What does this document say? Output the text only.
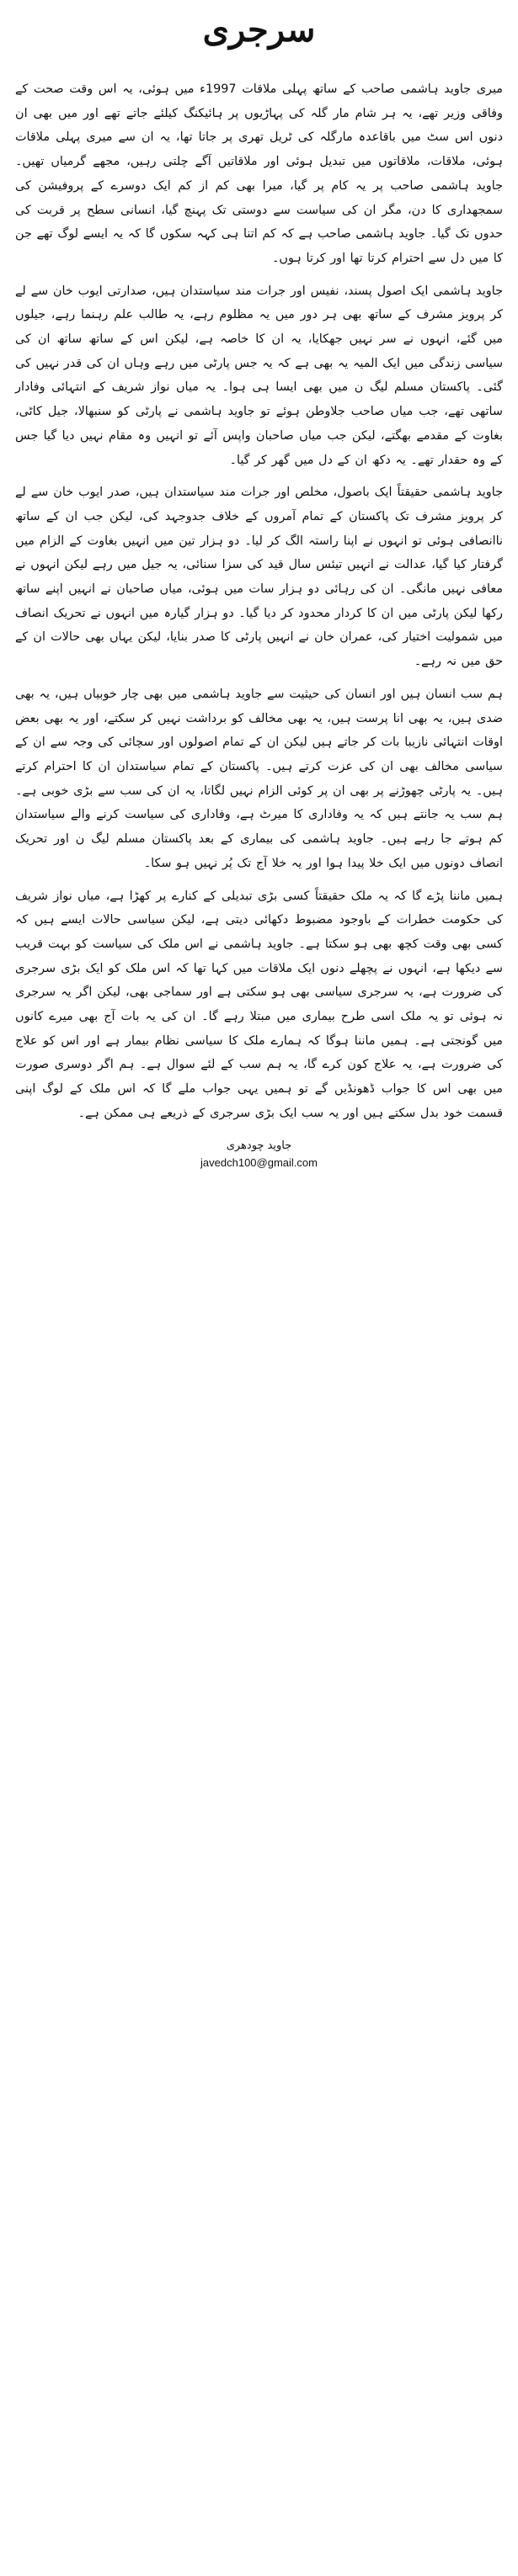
سرجری

میری جاوید ہاشمی صاحب کے ساتھ پہلی ملاقات 1997ء میں ہوئی، یہ اس وقت صحت کے وفاقی وزیر تھے، یہ ہر شام مار گلہ کی پہاڑیوں پر ہائیکنگ کیلئے جاتے تھے اور میں بھی ان دنوں اس سٹ میں باقاعدہ مارگلہ کی ٹریل تھری پر جاتا تھا، یہ ان سے میری پہلی ملاقات ہوئی، ملاقات، ملاقاتوں میں تبدیل ہوئی اور ملاقاتیں آگے چلتی رہیں، مجھے گرمیاں تھیں۔ جاوید ہاشمی صاحب پر یہ کام پر گیا، میرا بھی کم از کم ایک دوسرے کے پروفیشن کی سمجھداری کا دن، مگر ان کی سیاست سے دوستی تک پہنچ گیا، انسانی سطح پر قربت کی حدوں تک گیا۔ جاوید ہاشمی صاحب ہے کہ کم اتنا ہی کہہ سکوں گا کہ یہ ایسے لوگ تھے جن کا میں دل سے احترام کرتا تھا اور کرتا ہوں۔

جاوید ہاشمی ایک اصول پسند، نفیس اور جرات مند سیاستدان ہیں، صدارتی ایوب خان سے لے کر پرویز مشرف کے ساتھ بھی ہر دور میں یہ مظلوم رہے، یہ طالب علم رہنما رہے، جیلوں میں گئے، انہوں نے سر نہیں جھکایا، یہ ان کا خاصہ ہے، لیکن اس کے ساتھ ساتھ ان کی سیاسی زندگی میں ایک المیہ یہ بھی ہے کہ یہ جس پارٹی میں رہے وہاں ان کی قدر نہیں کی گئی۔ پاکستان مسلم لیگ ن میں بھی ایسا ہی ہوا۔ یہ میاں نواز شریف کے انتہائی وفادار ساتھی تھے، جب میاں صاحب جلاوطن ہوئے تو جاوید ہاشمی نے پارٹی کو سنبھالا، جیل کاٹی، بغاوت کے مقدمے بھگتے، لیکن جب میاں صاحبان واپس آئے تو انہیں وہ مقام نہیں دیا گیا جس کے وہ حقدار تھے۔ یہ دکھ ان کے دل میں گھر کر گیا۔

جاوید ہاشمی حقیقتاً ایک باصول، مخلص اور جرات مند سیاستدان ہیں، صدر ایوب خان سے لے کر پرویز مشرف تک پاکستان کے تمام آمروں کے خلاف جدوجہد کی، لیکن جب ان کے ساتھ ناانصافی ہوئی تو انہوں نے اپنا راستہ الگ کر لیا۔ دو ہزار تین میں انہیں بغاوت کے الزام میں گرفتار کیا گیا، عدالت نے انہیں تیئس سال قید کی سزا سنائی، یہ جیل میں رہے لیکن انہوں نے معافی نہیں مانگی۔ ان کی رہائی دو ہزار سات میں ہوئی، میاں صاحبان نے انہیں اپنے ساتھ رکھا لیکن پارٹی میں ان کا کردار محدود کر دیا گیا۔ دو ہزار گیارہ میں انہوں نے تحریک انصاف میں شمولیت اختیار کی، عمران خان نے انہیں پارٹی کا صدر بنایا، لیکن یہاں بھی حالات ان کے حق میں نہ رہے۔

ہم سب انسان ہیں اور انسان کی حیثیت سے جاوید ہاشمی میں بھی چار خوبیاں ہیں، یہ بھی ضدی ہیں، یہ بھی انا پرست ہیں، یہ بھی مخالف کو برداشت نہیں کر سکتے، اور یہ بھی بعض اوقات انتہائی نازیبا بات کر جاتے ہیں لیکن ان کے تمام اصولوں اور سچائی کی وجہ سے ان کے سیاسی مخالف بھی ان کی عزت کرتے ہیں۔ پاکستان کے تمام سیاستدان ان کا احترام کرتے ہیں۔ یہ پارٹی چھوڑنے پر بھی ان پر کوئی الزام نہیں لگاتا، یہ ان کی سب سے بڑی خوبی ہے۔ ہم سب یہ جانتے ہیں کہ یہ وفاداری کا میرٹ ہے، وفاداری کی سیاست کرنے والے سیاستدان کم ہوتے جا رہے ہیں۔ جاوید ہاشمی کی بیماری کے بعد پاکستان مسلم لیگ ن اور تحریک انصاف دونوں میں ایک خلا پیدا ہوا اور یہ خلا آج تک پُر نہیں ہو سکا۔

ہمیں ماننا پڑے گا کہ یہ ملک حقیقتاً کسی بڑی تبدیلی کے کنارے پر کھڑا ہے، میاں نواز شریف کی حکومت خطرات کے باوجود مضبوط دکھائی دیتی ہے، لیکن سیاسی حالات ایسے ہیں کہ کسی بھی وقت کچھ بھی ہو سکتا ہے۔ جاوید ہاشمی نے اس ملک کی سیاست کو بہت قریب سے دیکھا ہے، انہوں نے پچھلے دنوں ایک ملاقات میں کہا تھا کہ اس ملک کو ایک بڑی سرجری کی ضرورت ہے، یہ سرجری سیاسی بھی ہو سکتی ہے اور سماجی بھی، لیکن اگر یہ سرجری نہ ہوئی تو یہ ملک اسی طرح بیماری میں مبتلا رہے گا۔ ان کی یہ بات آج بھی میرے کانوں میں گونجتی ہے۔ ہمیں ماننا ہوگا کہ ہمارے ملک کا سیاسی نظام بیمار ہے اور اس کو علاج کی ضرورت ہے، یہ علاج کون کرے گا، یہ ہم سب کے لئے سوال ہے۔ ہم اگر دوسری صورت میں بھی اس کا جواب ڈھونڈیں گے تو ہمیں یہی جواب ملے گا کہ اس ملک کے لوگ اپنی قسمت خود بدل سکتے ہیں اور یہ سب ایک بڑی سرجری کے ذریعے ہی ممکن ہے۔

جاوید چودھری
javedch100@gmail.com
